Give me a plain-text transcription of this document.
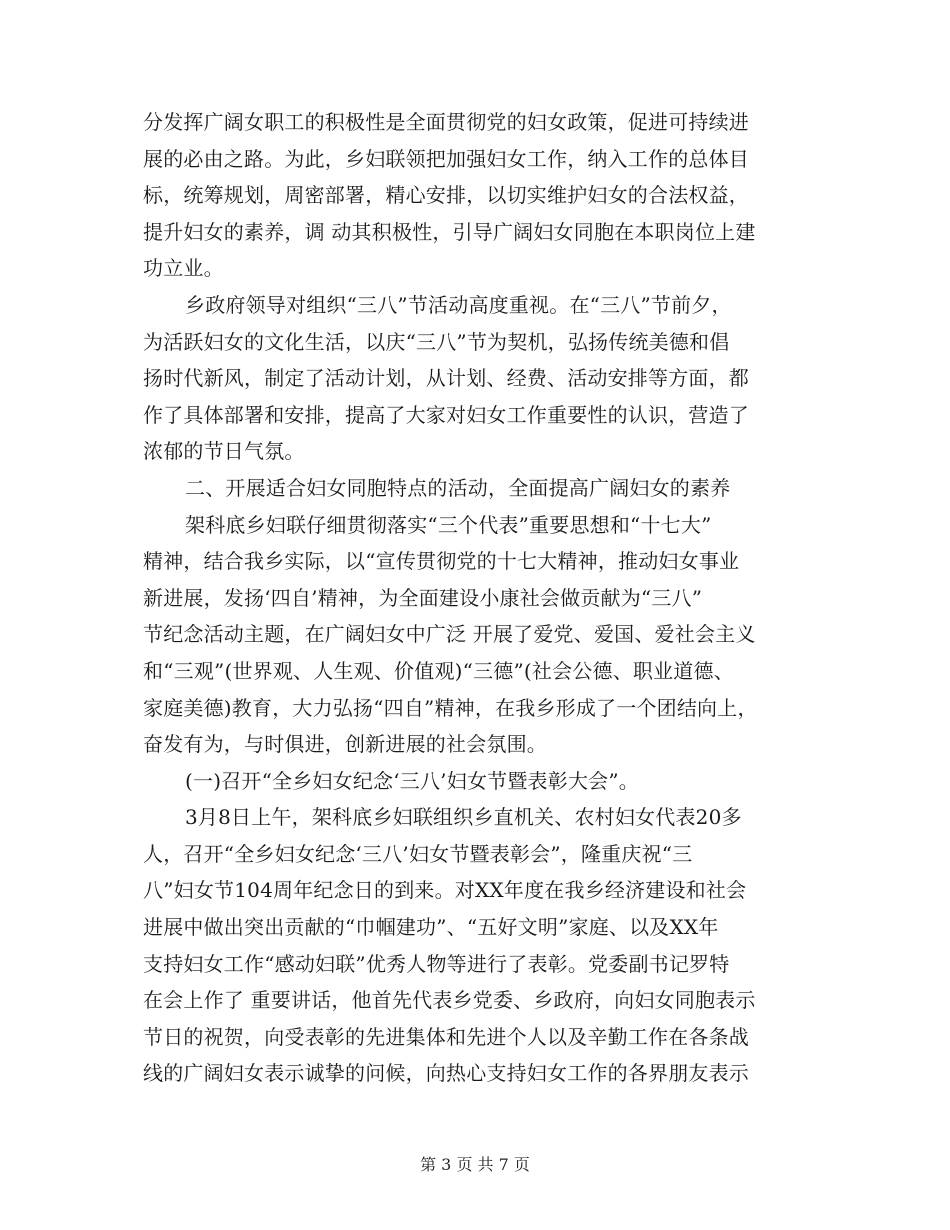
分发挥广阔女职工的积极性是全面贯彻党的妇女政策，促进可持续进
展的必由之路。为此，乡妇联领把加强妇女工作，纳入工作的总体目
标，统筹规划，周密部署，精心安排，以切实维护妇女的合法权益，
提升妇女的素养，调 动其积极性，引导广阔妇女同胞在本职岗位上建
功立业。
乡政府领导对组织“三八”节活动高度重视。在“三八”节前夕，
为活跃妇女的文化生活，以庆“三八”节为契机，弘扬传统美德和倡
扬时代新风，制定了活动计划，从计划、经费、活动安排等方面，都
作了具体部署和安排，提高了大家对妇女工作重要性的认识，营造了
浓郁的节日气氛。
二、开展适合妇女同胞特点的活动，全面提高广阔妇女的素养
架科底乡妇联仔细贯彻落实“三个代表”重要思想和“十七大”
精神，结合我乡实际，以“宣传贯彻党的十七大精神，推动妇女事业
新进展，发扬‘四自’精神，为全面建设小康社会做贡献为“三八”
节纪念活动主题，在广阔妇女中广泛 开展了爱党、爱国、爱社会主义
和“三观”(世界观、人生观、价值观)“三德”(社会公德、职业道德、
家庭美德)教育，大力弘扬“四自”精神，在我乡形成了一个团结向上，
奋发有为，与时俱进，创新进展的社会氛围。
(一)召开“全乡妇女纪念‘三八’妇女节暨表彰大会”。
3月8日上午，架科底乡妇联组织乡直机关、农村妇女代表20多
人，召开“全乡妇女纪念‘三八’妇女节暨表彰会”，隆重庆祝“三
八”妇女节104周年纪念日的到来。对XX年度在我乡经济建设和社会
进展中做出突出贡献的“巾帼建功”、“五好文明”家庭、以及XX年
支持妇女工作“感动妇联”优秀人物等进行了表彰。党委副书记罗特
在会上作了 重要讲话，他首先代表乡党委、乡政府，向妇女同胞表示
节日的祝贺，向受表彰的先进集体和先进个人以及辛勤工作在各条战
线的广阔妇女表示诚挚的问候，向热心支持妇女工作的各界朋友表示
第 3 页 共 7 页
